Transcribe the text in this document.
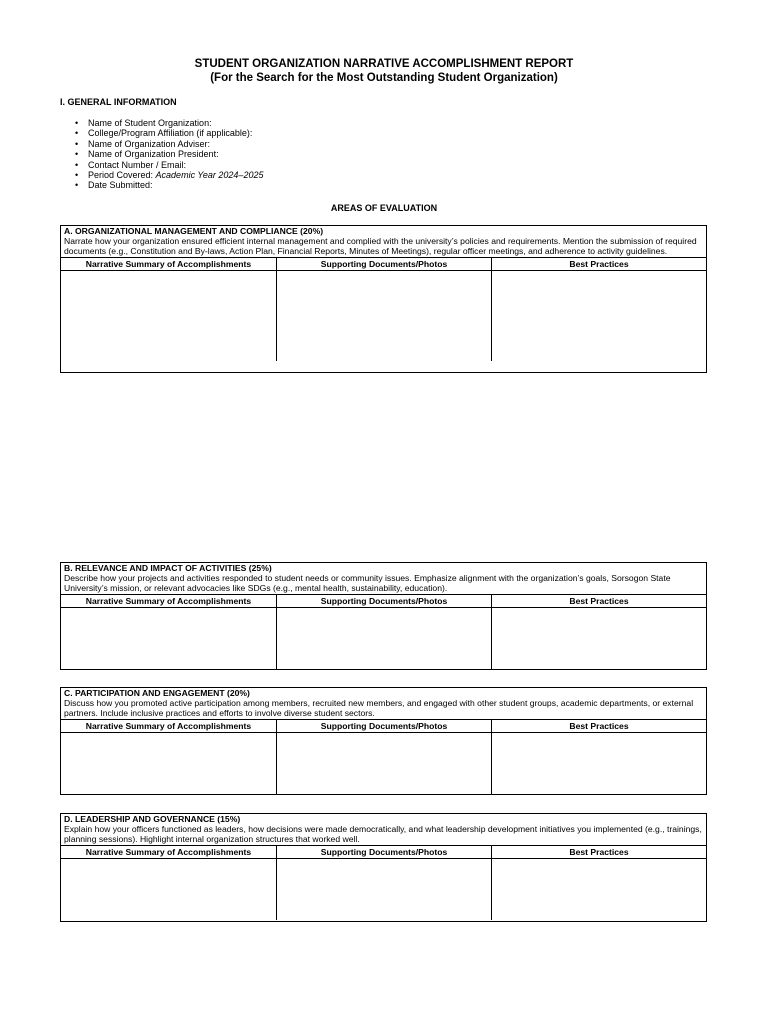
STUDENT ORGANIZATION NARRATIVE ACCOMPLISHMENT REPORT
(For the Search for the Most Outstanding Student Organization)
I. GENERAL INFORMATION
• Name of Student Organization:
• College/Program Affiliation (if applicable):
• Name of Organization Adviser:
• Name of Organization President:
• Contact Number / Email:
• Period Covered: Academic Year 2024–2025
• Date Submitted:
AREAS OF EVALUATION
A. ORGANIZATIONAL MANAGEMENT AND COMPLIANCE (20%)
Narrate how your organization ensured efficient internal management and complied with the university’s policies and requirements. Mention the submission of required documents (e.g., Constitution and By-laws, Action Plan, Financial Reports, Minutes of Meetings), regular officer meetings, and adherence to activity guidelines.
Narrative Summary of Accomplishments	Supporting Documents/Photos	Best Practices
B. RELEVANCE AND IMPACT OF ACTIVITIES (25%)
Describe how your projects and activities responded to student needs or community issues. Emphasize alignment with the organization’s goals, Sorsogon State University’s mission, or relevant advocacies like SDGs (e.g., mental health, sustainability, education).
Narrative Summary of Accomplishments	Supporting Documents/Photos	Best Practices
C. PARTICIPATION AND ENGAGEMENT (20%)
Discuss how you promoted active participation among members, recruited new members, and engaged with other student groups, academic departments, or external partners. Include inclusive practices and efforts to involve diverse student sectors.
Narrative Summary of Accomplishments	Supporting Documents/Photos	Best Practices
D. LEADERSHIP AND GOVERNANCE (15%)
Explain how your officers functioned as leaders, how decisions were made democratically, and what leadership development initiatives you implemented (e.g., trainings, planning sessions). Highlight internal organization structures that worked well.
Narrative Summary of Accomplishments	Supporting Documents/Photos	Best Practices
